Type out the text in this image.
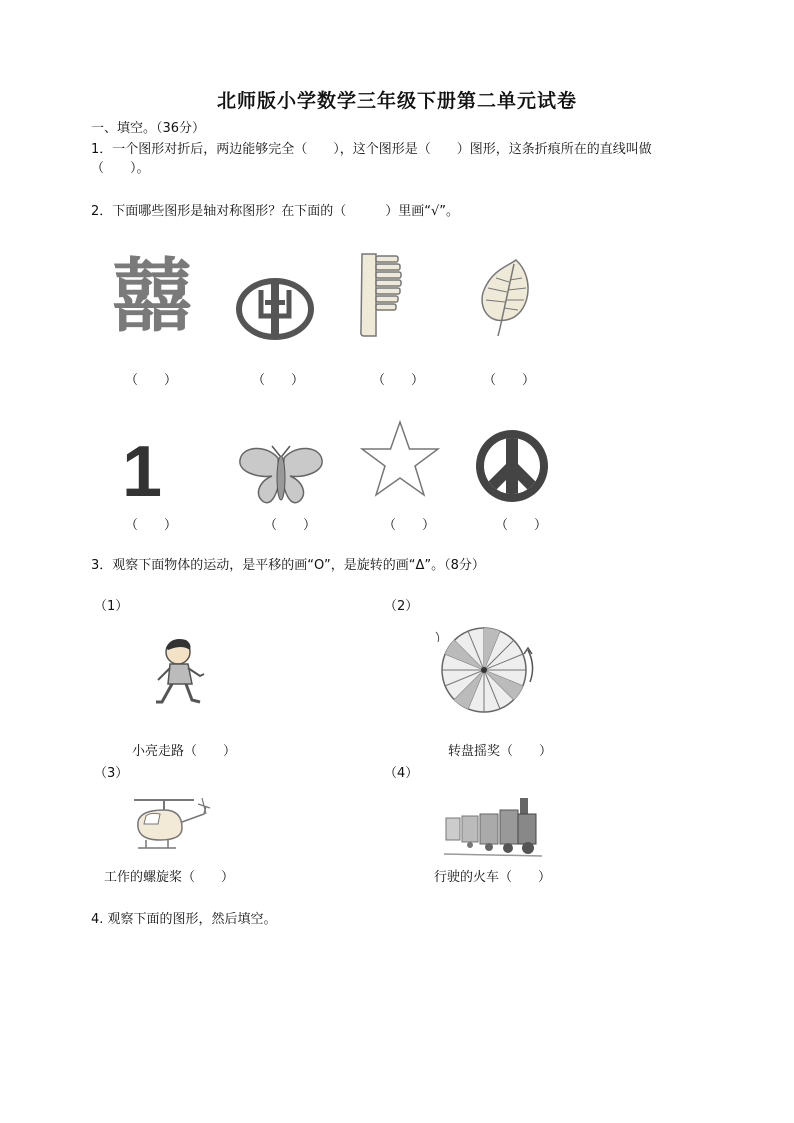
北师版小学数学三年级下册第二单元试卷
一、填空。（36分）
1．一个图形对折后，两边能够完全（　　），这个图形是（　　）图形，这条折痕所在的直线叫做
（　　）。
2．下面哪些图形是轴对称图形？在下面的（　　　）里画“√”。
囍
（　　）	（　　）	（　　）	（　　）
1
（　　）	（　　）	（　　）	（　　）
3．观察下面物体的运动，是平移的画“O”，是旋转的画“Δ”。（8分）
（1）	（2）
小亮走路（　　）	转盘摇奖（　　）
（3）	（4）
工作的螺旋桨（　　）	行驶的火车（　　）
4. 观察下面的图形，然后填空。
